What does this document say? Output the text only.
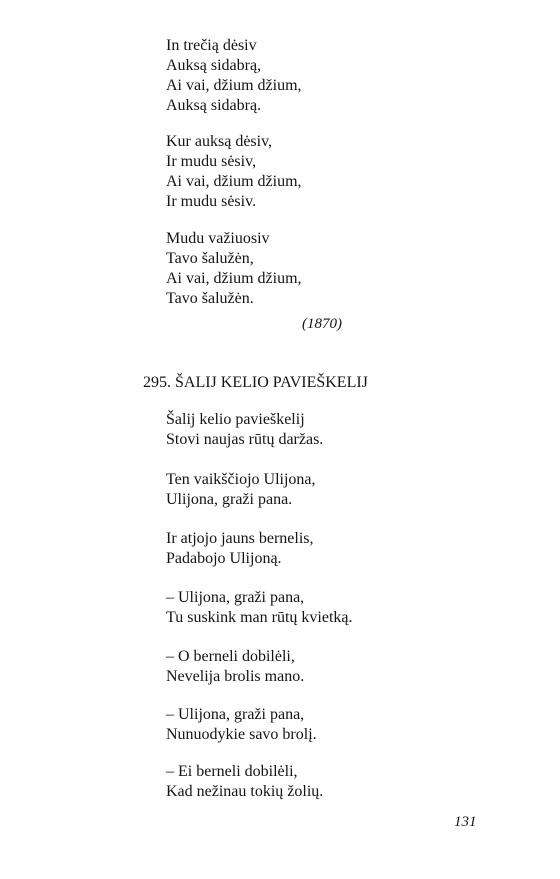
In trečią dėsiv
Auksą sidabrą,
Ai vai, džium džium,
Auksą sidabrą.
Kur auksą dėsiv,
Ir mudu sėsiv,
Ai vai, džium džium,
Ir mudu sėsiv.
Mudu važiuosiv
Tavo šalužėn,
Ai vai, džium džium,
Tavo šalužėn.
(1870)
295. ŠALIJ KELIO PAVIEŠKELIJ
Šalij kelio pavieškelij
Stovi naujas rūtų daržas.
Ten vaikščiojo Ulijona,
Ulijona, graži pana.
Ir atjojo jauns bernelis,
Padabojo Ulijoną.
– Ulijona, graži pana,
Tu suskink man rūtų kvietką.
– O berneli dobilėli,
Nevelija brolis mano.
– Ulijona, graži pana,
Nunuodykie savo brolį.
– Ei berneli dobilėli,
Kad nežinau tokių žolių.
131
